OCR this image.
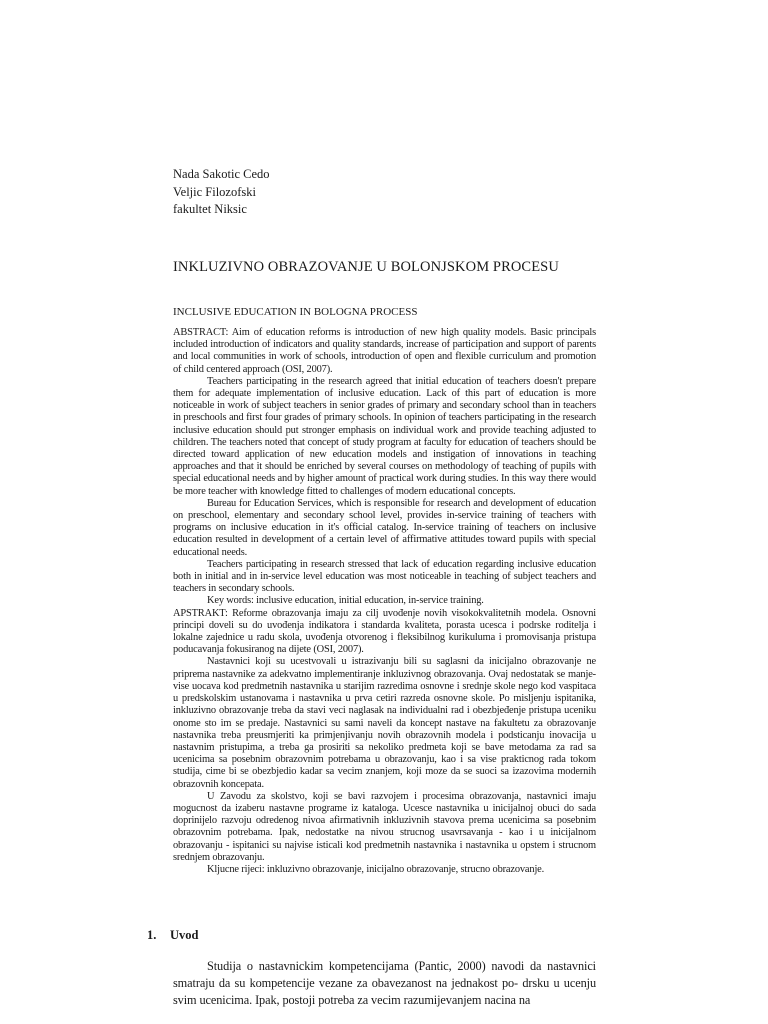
Nada Sakotic Cedo
Veljic Filozofski
fakultet Niksic
INKLUZIVNO OBRAZOVANJE U BOLONJSKOM PROCESU
INCLUSIVE EDUCATION IN BOLOGNA PROCESS

ABSTRACT: Aim of education reforms is introduction of new high quality models. Basic principals included introduction of indicators and quality standards, increase of participation and support of parents and local communities in work of schools, introduction of open and flexible curriculum and promotion of child centered approach (OSI, 2007).

Teachers participating in the research agreed that initial education of teachers doesn't prepare them for adequate implementation of inclusive education. Lack of this part of education is more noticeable in work of subject teachers in senior grades of primary and secondary school than in teachers in preschools and first four grades of primary schools. In opinion of teachers participating in the research inclusive education should put stronger emphasis on individual work and provide teaching adjusted to children. The teachers noted that concept of study program at faculty for education of teachers should be directed toward application of new education models and instigation of innovations in teaching approaches and that it should be enriched by several courses on methodology of teaching of pupils with special educational needs and by higher amount of practical work during studies. In this way there would be more teacher with knowledge fitted to challenges of modern educational concepts.

Bureau for Education Services, which is responsible for research and development of education on preschool, elementary and secondary school level, provides in-service training of teachers with programs on inclusive education in it's official catalog. In-service training of teachers on inclusive education resulted in development of a certain level of affirmative attitudes toward pupils with special educational needs.

Teachers participating in research stressed that lack of education regarding inclusive education both in initial and in in-service level education was most noticeable in teaching of subject teachers and teachers in secondary schools.

Key words: inclusive education, initial education, in-service training.

APSTRAKT: Reforme obrazovanja imaju za cilj uvođenje novih visokokvalitetnih modela. Osnovni principi doveli su do uvođenja indikatora i standarda kvaliteta, porasta ucesca i podrske roditelja i lokalne zajednice u radu skola, uvođenja otvorenog i fleksibilnog kurikuluma i promovisanja pristupa poducavanja fokusiranog na dijete (OSI, 2007).

Nastavnici koji su ucestvovali u istrazivanju bili su saglasni da inicijalno obrazovanje ne priprema nastavnike za adekvatno implementiranje inkluzivnog obrazovanja. Ovaj nedostatak se manje-vise uocava kod predmetnih nastavnika u starijim razredima osnovne i srednje skole nego kod vaspitaca u predskolskim ustanovama i nastavnika u prva cetiri razreda osnovne skole. Po misljenju ispitanika, inkluzivno obrazovanje treba da stavi veci naglasak na individualni rad i obezbjeđenje pristupa uceniku onome sto im se predaje. Nastavnici su sami naveli da koncept nastave na fakultetu za obrazovanje nastavnika treba preusmjeriti ka primjenjivanju novih obrazovnih modela i podsticanju inovacija u nastavnim pristupima, a treba ga prosiriti sa nekoliko predmeta koji se bave metodama za rad sa ucenicima sa posebnim obrazovnim potrebama u obrazovanju, kao i sa vise prakticnog rada tokom studija, cime bi se obezbjedio kadar sa vecim znanjem, koji moze da se suoci sa izazovima modernih obrazovnih koncepata.

U Zavodu za skolstvo, koji se bavi razvojem i procesima obrazovanja, nastavnici imaju mogucnost da izaberu nastavne programe iz kataloga. Ucesce nastavnika u inicijalnoj obuci do sada doprinijelo razvoju odredenog nivoa afirmativnih inkluzivnih stavova prema ucenicima sa posebnim obrazovnim potrebama. Ipak, nedostatke na nivou strucnog usavrsavanja - kao i u inicijalnom obrazovanju - ispitanici su najvise isticali kod predmetnih nastavnika i nastavnika u opstem i strucnom srednjem obrazovanju.

Kljucne rijeci: inkluzivno obrazovanje, inicijalno obrazovanje, strucno obrazovanje.

1. Uvod

Studija o nastavnickim kompetencijama (Pantic, 2000) navodi da nastavnici smatraju da su kompetencije vezane za obavezanost na jednakost po- drsku u ucenju svim ucenicima. Ipak, postoji potreba za vecim razumijevanjem nacina na
